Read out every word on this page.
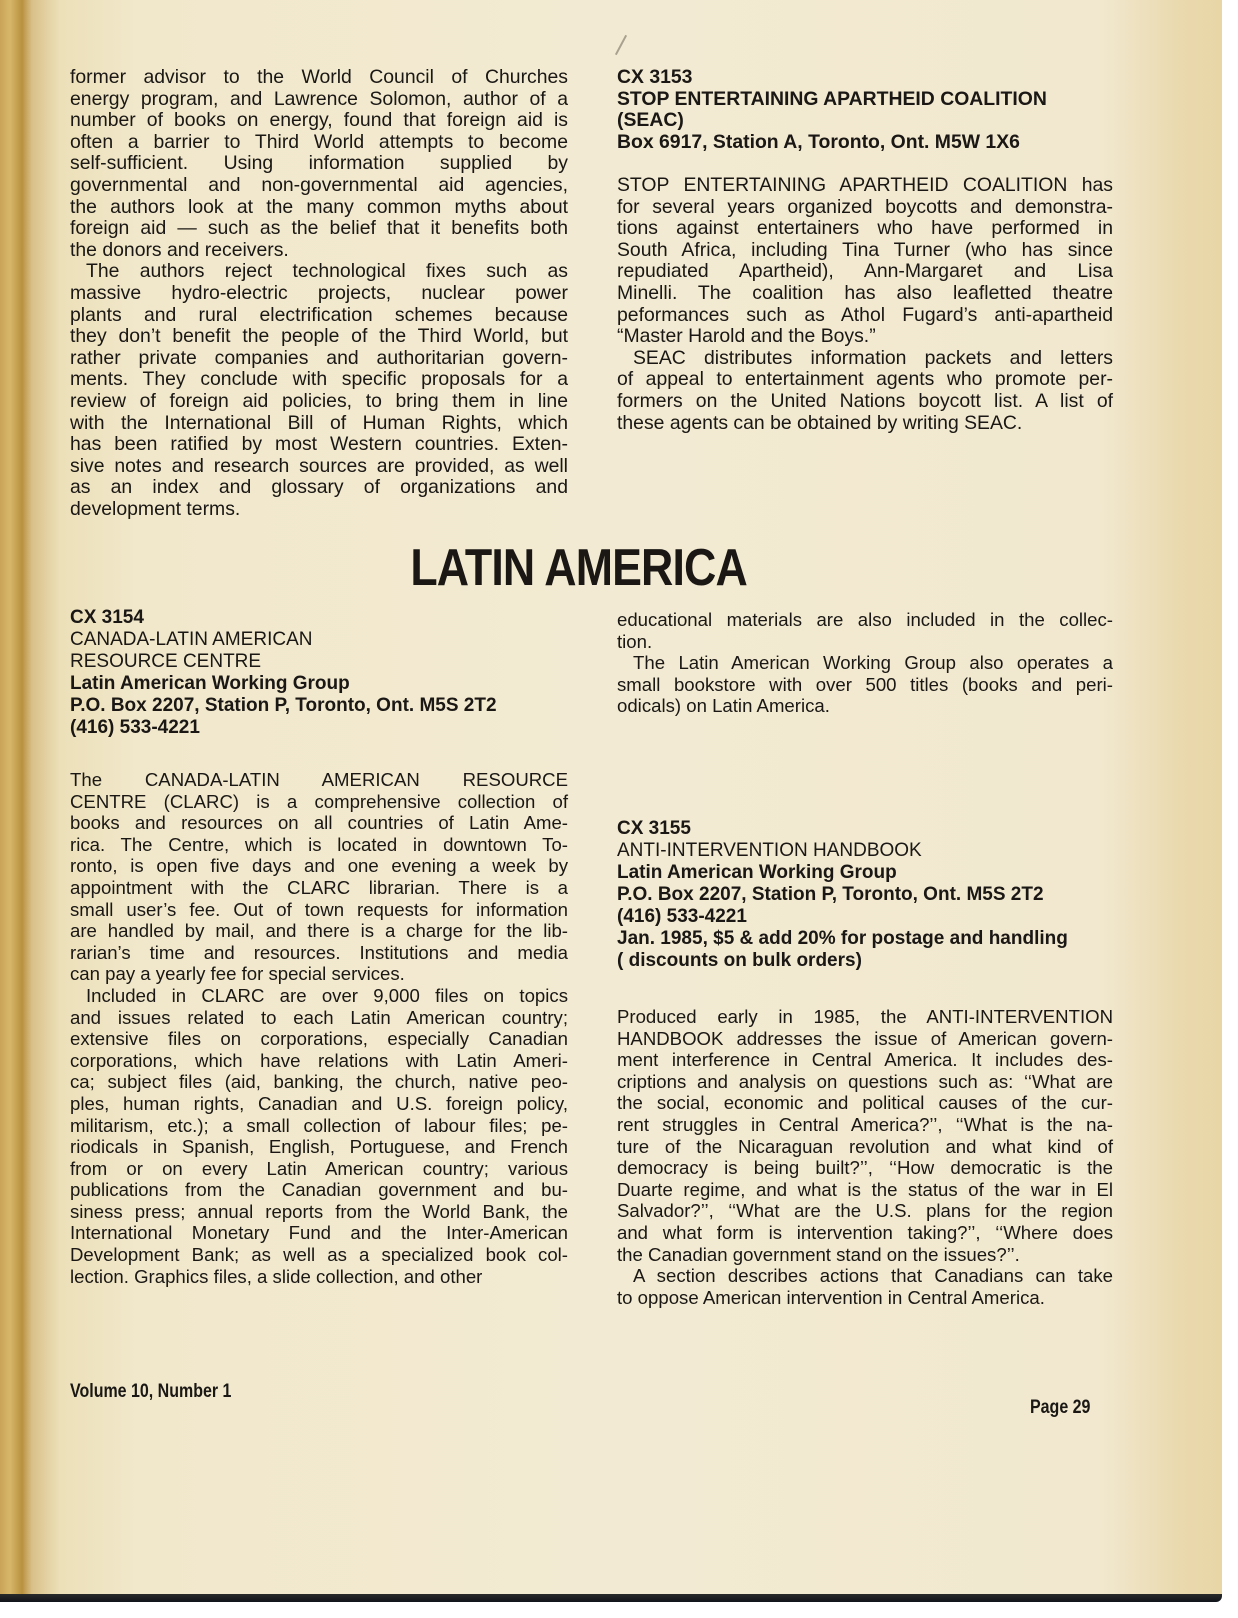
former advisor to the World Council of Churches
energy program, and Lawrence Solomon, author of a
number of books on energy, found that foreign aid is
often a barrier to Third World attempts to become
self-sufficient. Using information supplied by
governmental and non-governmental aid agencies,
the authors look at the many common myths about
foreign aid — such as the belief that it benefits both
the donors and receivers.
The authors reject technological fixes such as
massive hydro-electric projects, nuclear power
plants and rural electrification schemes because
they don’t benefit the people of the Third World, but
rather private companies and authoritarian govern-
ments. They conclude with specific proposals for a
review of foreign aid policies, to bring them in line
with the International Bill of Human Rights, which
has been ratified by most Western countries. Exten-
sive notes and research sources are provided, as well
as an index and glossary of organizations and
development terms.
CX 3153
STOP ENTERTAINING APARTHEID COALITION
(SEAC)
Box 6917, Station A, Toronto, Ont. M5W 1X6
STOP ENTERTAINING APARTHEID COALITION has
for several years organized boycotts and demonstra-
tions against entertainers who have performed in
South Africa, including Tina Turner (who has since
repudiated Apartheid), Ann-Margaret and Lisa
Minelli. The coalition has also leafletted theatre
peformances such as Athol Fugard’s anti-apartheid
“Master Harold and the Boys.”
SEAC distributes information packets and letters
of appeal to entertainment agents who promote per-
formers on the United Nations boycott list. A list of
these agents can be obtained by writing SEAC.
LATIN AMERICA
CX 3154
CANADA-LATIN AMERICAN
RESOURCE CENTRE
Latin American Working Group
P.O. Box 2207, Station P, Toronto, Ont. M5S 2T2
(416) 533-4221
The CANADA-LATIN AMERICAN RESOURCE
CENTRE (CLARC) is a comprehensive collection of
books and resources on all countries of Latin Ame-
rica. The Centre, which is located in downtown To-
ronto, is open five days and one evening a week by
appointment with the CLARC librarian. There is a
small user’s fee. Out of town requests for information
are handled by mail, and there is a charge for the lib-
rarian’s time and resources. Institutions and media
can pay a yearly fee for special services.
Included in CLARC are over 9,000 files on topics
and issues related to each Latin American country;
extensive files on corporations, especially Canadian
corporations, which have relations with Latin Ameri-
ca; subject files (aid, banking, the church, native peo-
ples, human rights, Canadian and U.S. foreign policy,
militarism, etc.); a small collection of labour files; pe-
riodicals in Spanish, English, Portuguese, and French
from or on every Latin American country; various
publications from the Canadian government and bu-
siness press; annual reports from the World Bank, the
International Monetary Fund and the Inter-American
Development Bank; as well as a specialized book col-
lection. Graphics files, a slide collection, and other
educational materials are also included in the collec-
tion.
The Latin American Working Group also operates a
small bookstore with over 500 titles (books and peri-
odicals) on Latin America.
CX 3155
ANTI-INTERVENTION HANDBOOK
Latin American Working Group
P.O. Box 2207, Station P, Toronto, Ont. M5S 2T2
(416) 533-4221
Jan. 1985, $5 & add 20% for postage and handling
( discounts on bulk orders)
Produced early in 1985, the ANTI-INTERVENTION
HANDBOOK addresses the issue of American govern-
ment interference in Central America. It includes des-
criptions and analysis on questions such as: ‘‘What are
the social, economic and political causes of the cur-
rent struggles in Central America?’’, ‘‘What is the na-
ture of the Nicaraguan revolution and what kind of
democracy is being built?’’, ‘‘How democratic is the
Duarte regime, and what is the status of the war in El
Salvador?’’, ‘‘What are the U.S. plans for the region
and what form is intervention taking?’’, ‘‘Where does
the Canadian government stand on the issues?’’.
A section describes actions that Canadians can take
to oppose American intervention in Central America.
Volume 10, Number 1
Page 29
